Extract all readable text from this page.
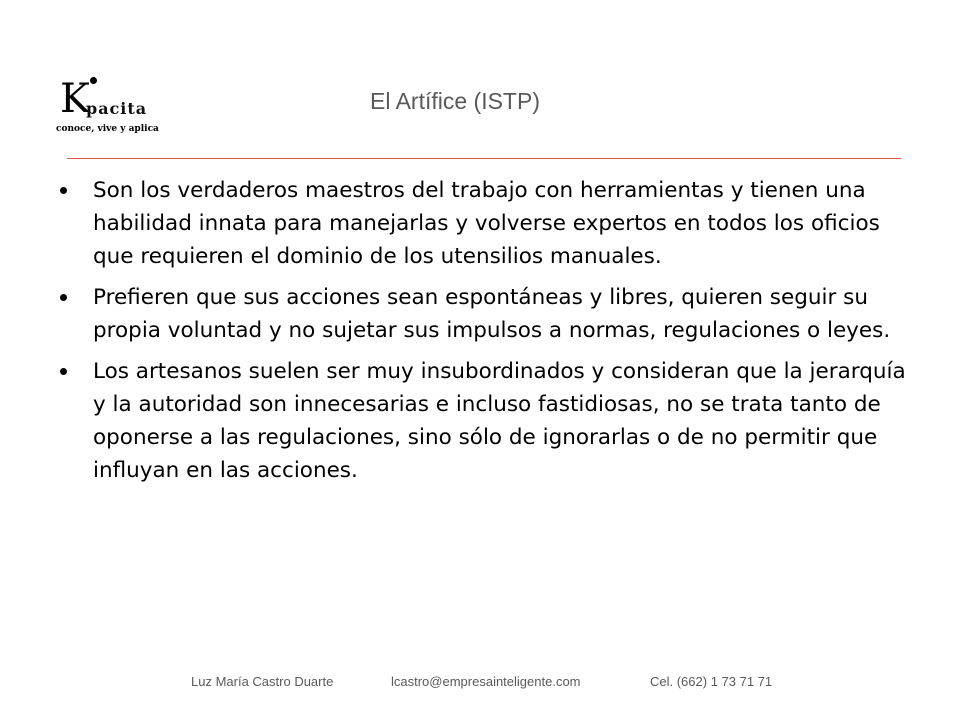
K
pacita
conoce, vive y aplica
El Artífice (ISTP)
Son los verdaderos maestros del trabajo con herramientas y tienen una habilidad innata para manejarlas y volverse expertos en todos los oficios que requieren el dominio de los utensilios manuales.
Prefieren que sus acciones sean espontáneas y libres, quieren seguir su propia voluntad y no sujetar sus impulsos a normas, regulaciones o leyes.
Los artesanos suelen ser muy insubordinados y consideran que la jerarquía y la autoridad son innecesarias e incluso fastidiosas, no se trata tanto de oponerse a las regulaciones, sino sólo de ignorarlas o de no permitir que influyan en las acciones.
Luz María Castro Duarte	lcastro@empresainteligente.com	Cel. (662) 1 73 71 71
